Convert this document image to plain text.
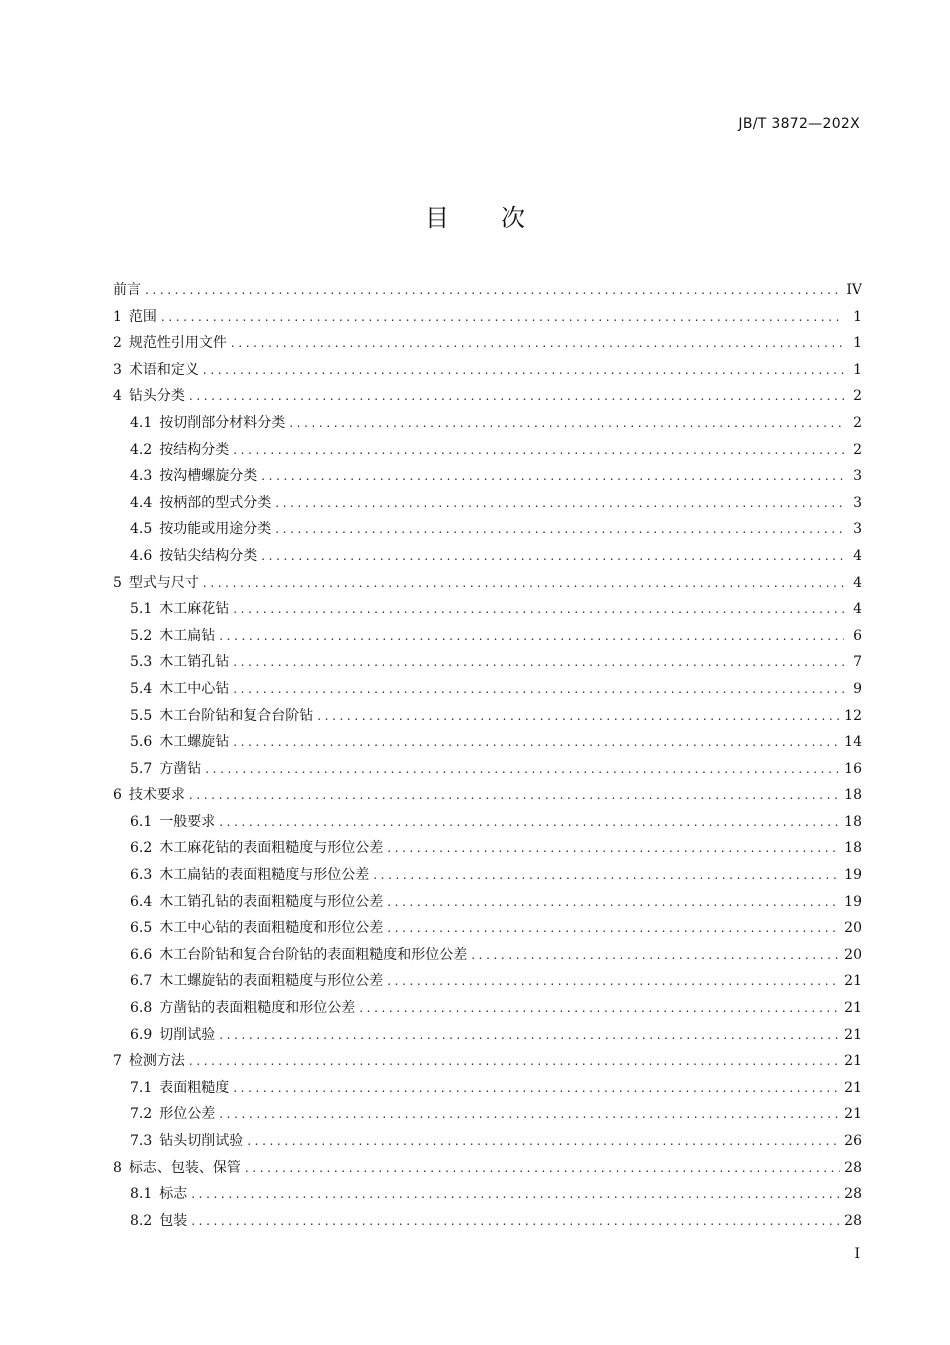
JB/T 3872—202X
目 次
前言 .....	IV
1 范围 .....	1
2 规范性引用文件 .....	1
3 术语和定义 .....	1
4 钻头分类 .....	2
4.1 按切削部分材料分类 .....	2
4.2 按结构分类 .....	2
4.3 按沟槽螺旋分类 .....	3
4.4 按柄部的型式分类 .....	3
4.5 按功能或用途分类 .....	3
4.6 按钻尖结构分类 .....	4
5 型式与尺寸 .....	4
5.1 木工麻花钻 .....	4
5.2 木工扁钻 .....	6
5.3 木工销孔钻 .....	7
5.4 木工中心钻 .....	9
5.5 木工台阶钻和复合台阶钻 .....	12
5.6 木工螺旋钻 .....	14
5.7 方凿钻 .....	16
6 技术要求 .....	18
6.1 一般要求 .....	18
6.2 木工麻花钻的表面粗糙度与形位公差 .....	18
6.3 木工扁钻的表面粗糙度与形位公差 .....	19
6.4 木工销孔钻的表面粗糙度与形位公差 .....	19
6.5 木工中心钻的表面粗糙度和形位公差 .....	20
6.6 木工台阶钻和复合台阶钻的表面粗糙度和形位公差 .....	20
6.7 木工螺旋钻的表面粗糙度与形位公差 .....	21
6.8 方凿钻的表面粗糙度和形位公差 .....	21
6.9 切削试验 .....	21
7 检测方法 .....	21
7.1 表面粗糙度 .....	21
7.2 形位公差 .....	21
7.3 钻头切削试验 .....	26
8 标志、包装、保管 .....	28
8.1 标志 .....	28
8.2 包装 .....	28
I
